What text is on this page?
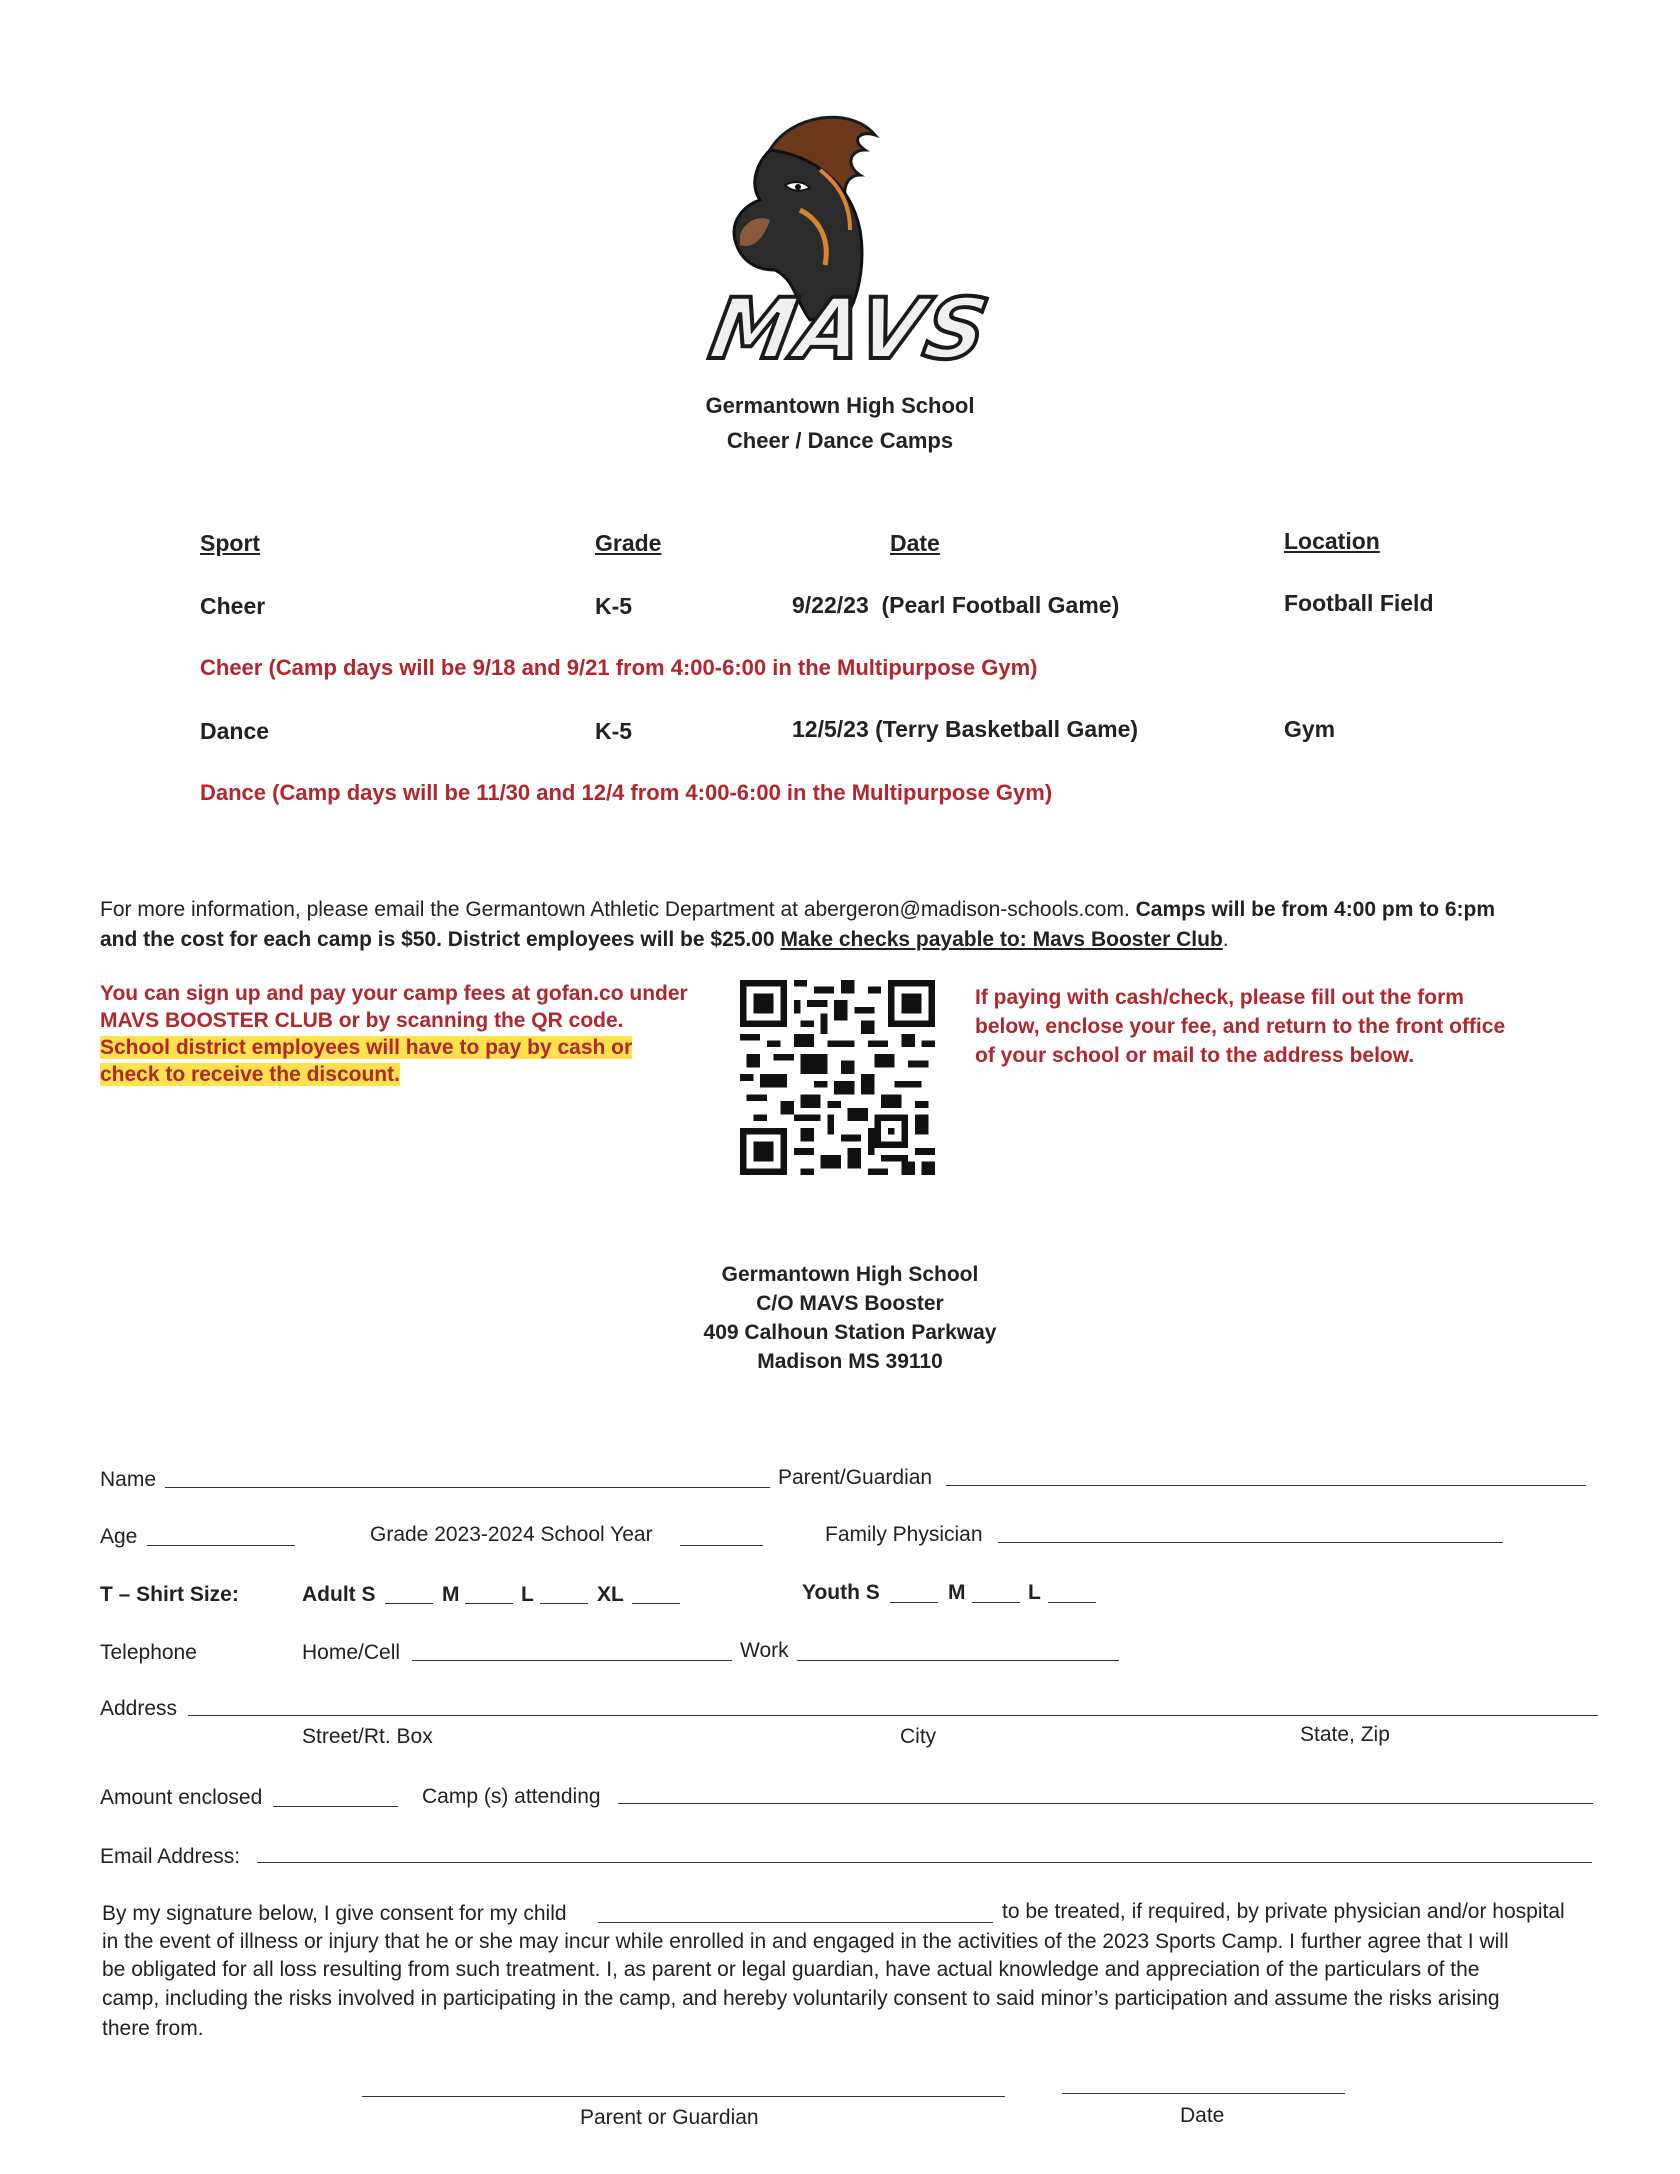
MAVS
Germantown High School
Cheer / Dance Camps
Sport	Grade	Date	Location
Cheer	K-5	9/22/23  (Pearl Football Game)	Football Field
Cheer (Camp days will be 9/18 and 9/21 from 4:00-6:00 in the Multipurpose Gym)
Dance	K-5	12/5/23 (Terry Basketball Game)	Gym
Dance (Camp days will be 11/30 and 12/4 from 4:00-6:00 in the Multipurpose Gym)
For more information, please email the Germantown Athletic Department at abergeron@madison-schools.com. Camps will be from 4:00 pm to 6:pm
and the cost for each camp is $50. District employees will be $25.00 Make checks payable to: Mavs Booster Club.
You can sign up and pay your camp fees at gofan.co under
MAVS BOOSTER CLUB or by scanning the QR code.
School district employees will have to pay by cash or
check to receive the discount.
If paying with cash/check, please fill out the form
below, enclose your fee, and return to the front office
of your school or mail to the address below.
Germantown High School
C/O MAVS Booster
409 Calhoun Station Parkway
Madison MS 39110
Name	Parent/Guardian
Age	Grade 2023-2024 School Year	Family Physician
T – Shirt Size:	Adult S	M	L	XL	Youth S	M	L
Telephone	Home/Cell	Work
Address
Street/Rt. Box	City	State, Zip
Amount enclosed	Camp (s) attending
Email Address:
By my signature below, I give consent for my child	to be treated, if required, by private physician and/or hospital
in the event of illness or injury that he or she may incur while enrolled in and engaged in the activities of the 2023 Sports Camp. I further agree that I will
be obligated for all loss resulting from such treatment. I, as parent or legal guardian, have actual knowledge and appreciation of the particulars of the
camp, including the risks involved in participating in the camp, and hereby voluntarily consent to said minor’s participation and assume the risks arising
there from.
Parent or Guardian	Date
